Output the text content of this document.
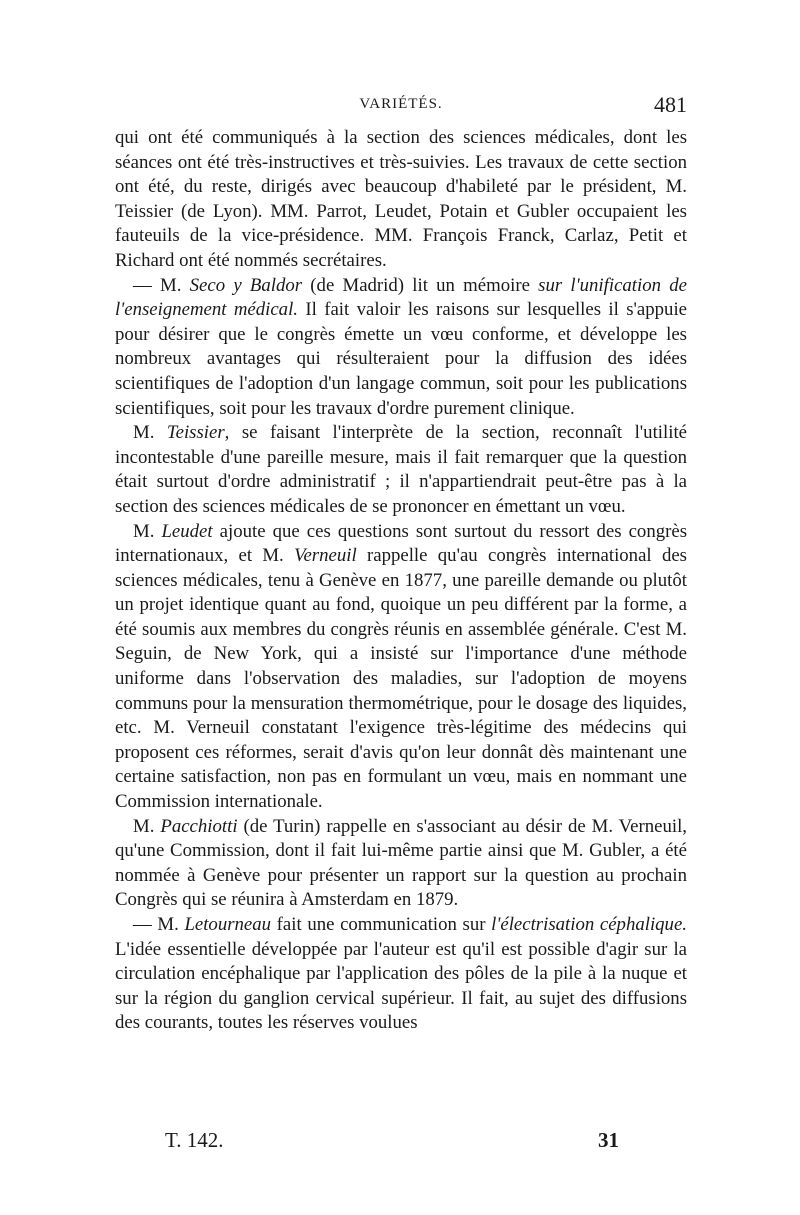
VARIÉTÉS.	481

qui ont été communiqués à la section des sciences médicales, dont les séances ont été très-instructives et très-suivies. Les travaux de cette section ont été, du reste, dirigés avec beaucoup d'habileté par le président, M. Teissier (de Lyon). MM. Parrot, Leudet, Potain et Gubler occupaient les fauteuils de la vice-présidence. MM. François Franck, Carlaz, Petit et Richard ont été nommés secrétaires.

— M. Seco y Baldor (de Madrid) lit un mémoire sur l'unification de l'enseignement médical. Il fait valoir les raisons sur lesquelles il s'appuie pour désirer que le congrès émette un vœu conforme, et développe les nombreux avantages qui résulteraient pour la diffusion des idées scientifiques de l'adoption d'un langage commun, soit pour les publications scientifiques, soit pour les travaux d'ordre purement clinique.

M. Teissier, se faisant l'interprète de la section, reconnaît l'utilité incontestable d'une pareille mesure, mais il fait remarquer que la question était surtout d'ordre administratif ; il n'appartiendrait peut-être pas à la section des sciences médicales de se prononcer en émettant un vœu.

M. Leudet ajoute que ces questions sont surtout du ressort des congrès internationaux, et M. Verneuil rappelle qu'au congrès international des sciences médicales, tenu à Genève en 1877, une pareille demande ou plutôt un projet identique quant au fond, quoique un peu différent par la forme, a été soumis aux membres du congrès réunis en assemblée générale. C'est M. Seguin, de New York, qui a insisté sur l'importance d'une méthode uniforme dans l'observation des maladies, sur l'adoption de moyens communs pour la mensuration thermométrique, pour le dosage des liquides, etc. M. Verneuil constatant l'exigence très-légitime des médecins qui proposent ces réformes, serait d'avis qu'on leur donnât dès maintenant une certaine satisfaction, non pas en formulant un vœu, mais en nommant une Commission internationale.

M. Pacchiotti (de Turin) rappelle en s'associant au désir de M. Verneuil, qu'une Commission, dont il fait lui-même partie ainsi que M. Gubler, a été nommée à Genève pour présenter un rapport sur la question au prochain Congrès qui se réunira à Amsterdam en 1879.

— M. Letourneau fait une communication sur l'électrisation céphalique. L'idée essentielle développée par l'auteur est qu'il est possible d'agir sur la circulation encéphalique par l'application des pôles de la pile à la nuque et sur la région du ganglion cervical supérieur. Il fait, au sujet des diffusions des courants, toutes les réserves voulues

T. 142.	31
